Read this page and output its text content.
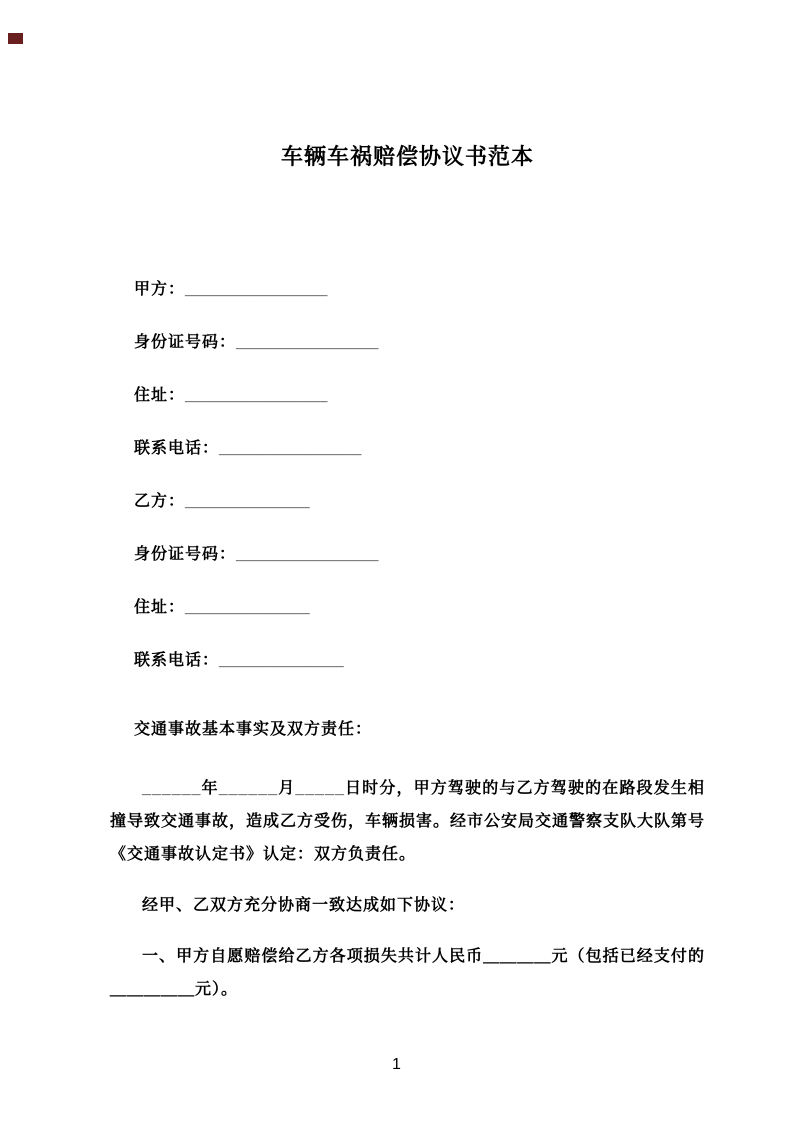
车辆车祸赔偿协议书范本
甲方：________________
身份证号码：________________
住址：________________
联系电话：________________
乙方：______________
身份证号码：________________
住址：______________
联系电话：______________

交通事故基本事实及双方责任：

______年______月_____日时分，甲方驾驶的与乙方驾驶的在路段发生相撞导致交通事故，造成乙方受伤，车辆损害。经市公安局交通警察支队大队第号《交通事故认定书》认定：双方负责任。

经甲、乙双方充分协商一致达成如下协议：

一、甲方自愿赔偿给乙方各项损失共计人民币＿＿＿＿元（包括已经支付的＿＿＿＿＿元）。

1
